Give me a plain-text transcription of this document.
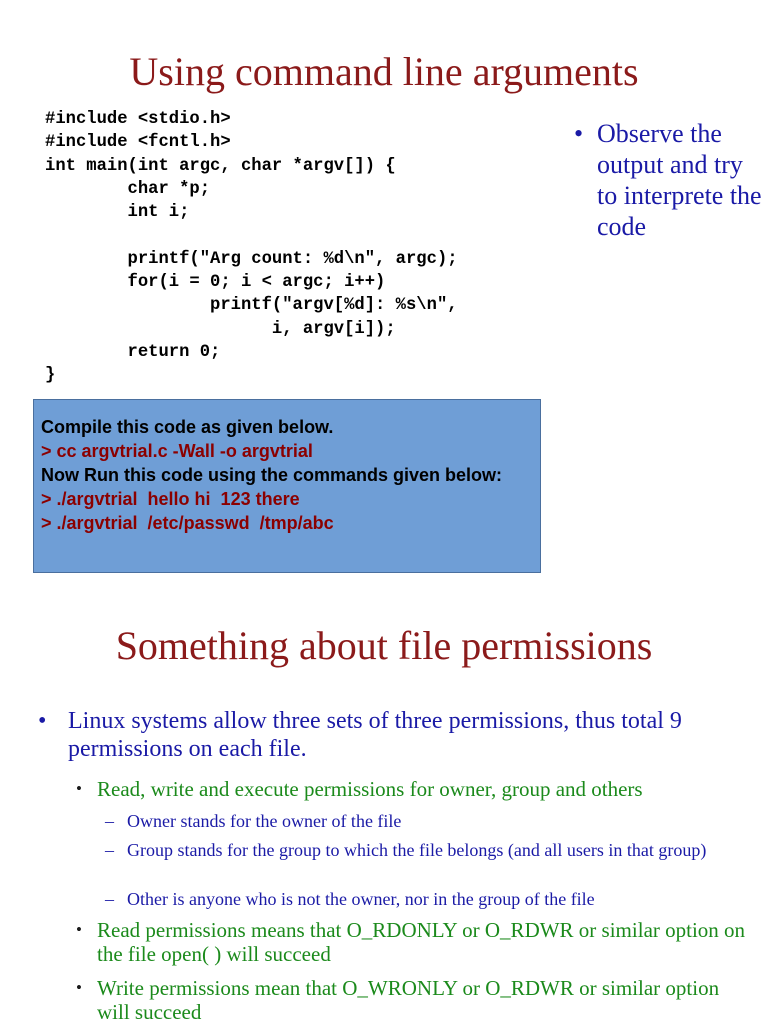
Using command line arguments
#include <stdio.h>
#include <fcntl.h>
int main(int argc, char *argv[]) {
char *p;
int i;

printf("Arg count: %d\n", argc);
for(i = 0; i < argc; i++)
printf("argv[%d]: %s\n",
i, argv[i]);
return 0;
}
• Observe the output and try to interprete the code
Compile this code as given below.
> cc argvtrial.c -Wall -o argvtrial
Now Run this code using the commands given below:
> ./argvtrial  hello hi  123 there
> ./argvtrial  /etc/passwd  /tmp/abc
Something about file permissions
• Linux systems allow three sets of three permissions, thus total 9 permissions on each file.
• Read, write and execute permissions for owner, group and others
– Owner stands for the owner of the file
– Group stands for the group to which the file belongs (and all users in that group)
– Other is anyone who is not the owner, nor in the group of the file
• Read permissions means that O_RDONLY or O_RDWR or similar option on the file open( ) will succeed
• Write permissions mean that O_WRONLY or O_RDWR or similar option will succeed
